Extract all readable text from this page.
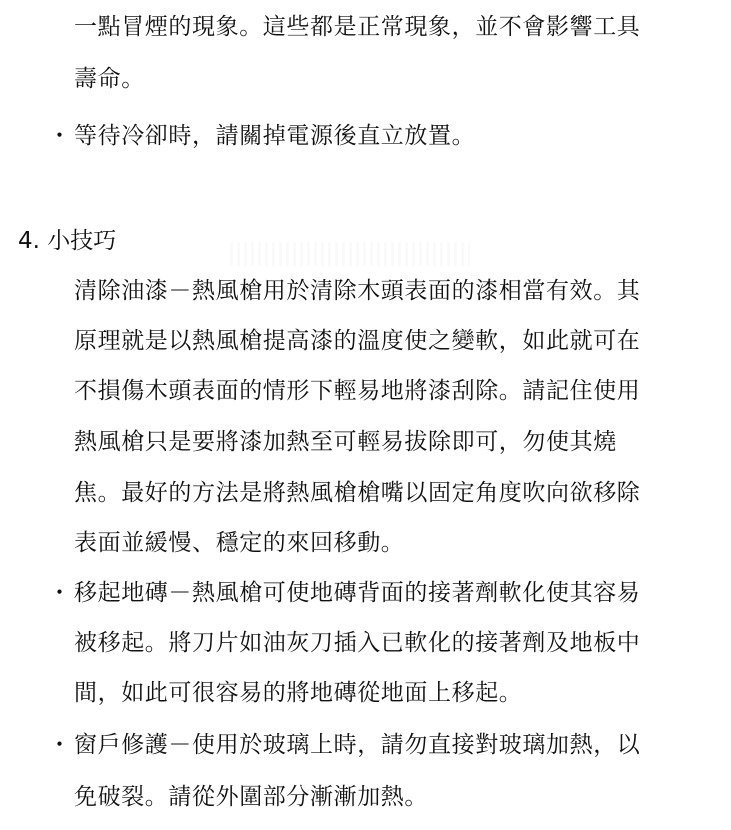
一點冒煙的現象。這些都是正常現象，並不會影響工具
壽命。
・ 等待冷卻時，請關掉電源後直立放置。
4. 小技巧
清除油漆－熱風槍用於清除木頭表面的漆相當有效。其
原理就是以熱風槍提高漆的溫度使之變軟，如此就可在
不損傷木頭表面的情形下輕易地將漆刮除。請記住使用
熱風槍只是要將漆加熱至可輕易拔除即可，勿使其燒
焦。最好的方法是將熱風槍槍嘴以固定角度吹向欲移除
表面並緩慢、穩定的來回移動。
・ 移起地磚－熱風槍可使地磚背面的接著劑軟化使其容易
被移起。將刀片如油灰刀插入已軟化的接著劑及地板中
間，如此可很容易的將地磚從地面上移起。
・ 窗戶修護－使用於玻璃上時，請勿直接對玻璃加熱，以
免破裂。請從外圍部分漸漸加熱。
